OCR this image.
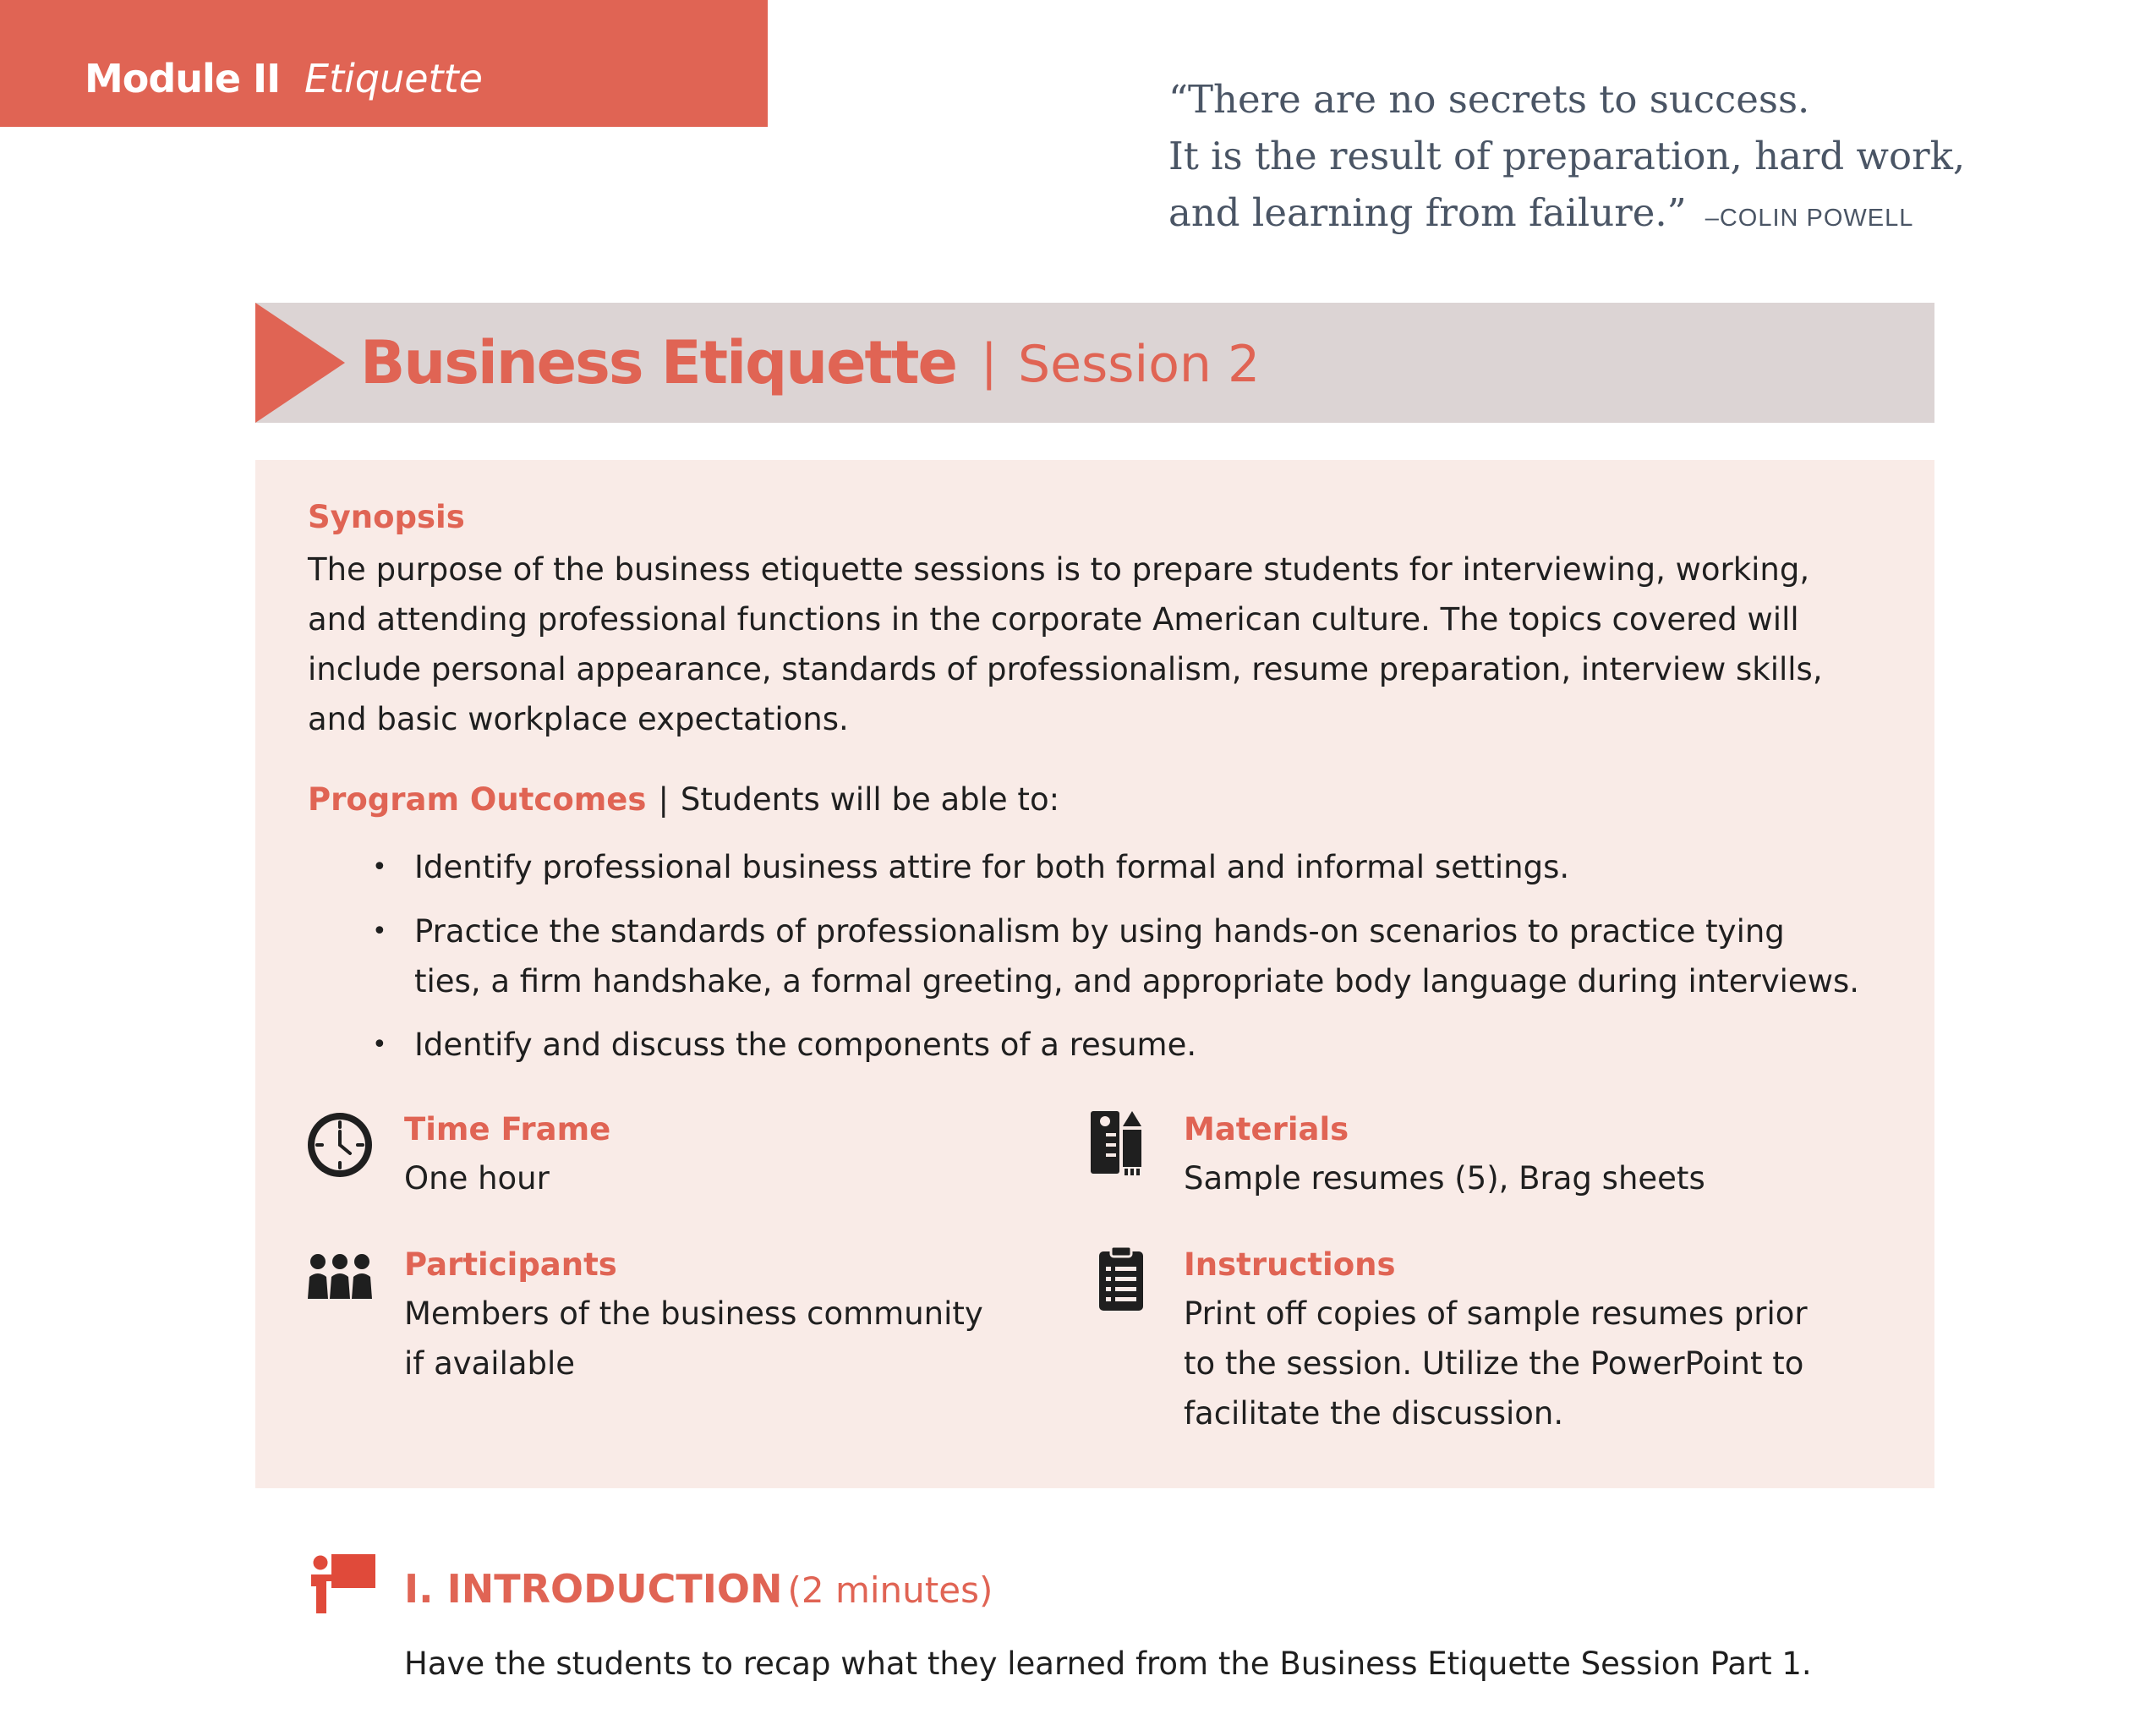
Module II Etiquette	“There are no secrets to success.
It is the result of preparation, hard work,
and learning from failure.” –COLIN POWELL
Business Etiquette | Session 2
Synopsis
The purpose of the business etiquette sessions is to prepare students for interviewing, working,
and attending professional functions in the corporate American culture. The topics covered will
include personal appearance, standards of professionalism, resume preparation, interview skills,
and basic workplace expectations.
Program Outcomes | Students will be able to:
• Identify professional business attire for both formal and informal settings.
• Practice the standards of professionalism by using hands-on scenarios to practice tying
ties, a firm handshake, a formal greeting, and appropriate body language during interviews.
• Identify and discuss the components of a resume.
Time Frame
One hour
Materials
Sample resumes (5), Brag sheets
Participants
Members of the business community
if available
Instructions
Print off copies of sample resumes prior
to the session. Utilize the PowerPoint to
facilitate the discussion.
I. INTRODUCTION (2 minutes)
Have the students to recap what they learned from the Business Etiquette Session Part 1.
